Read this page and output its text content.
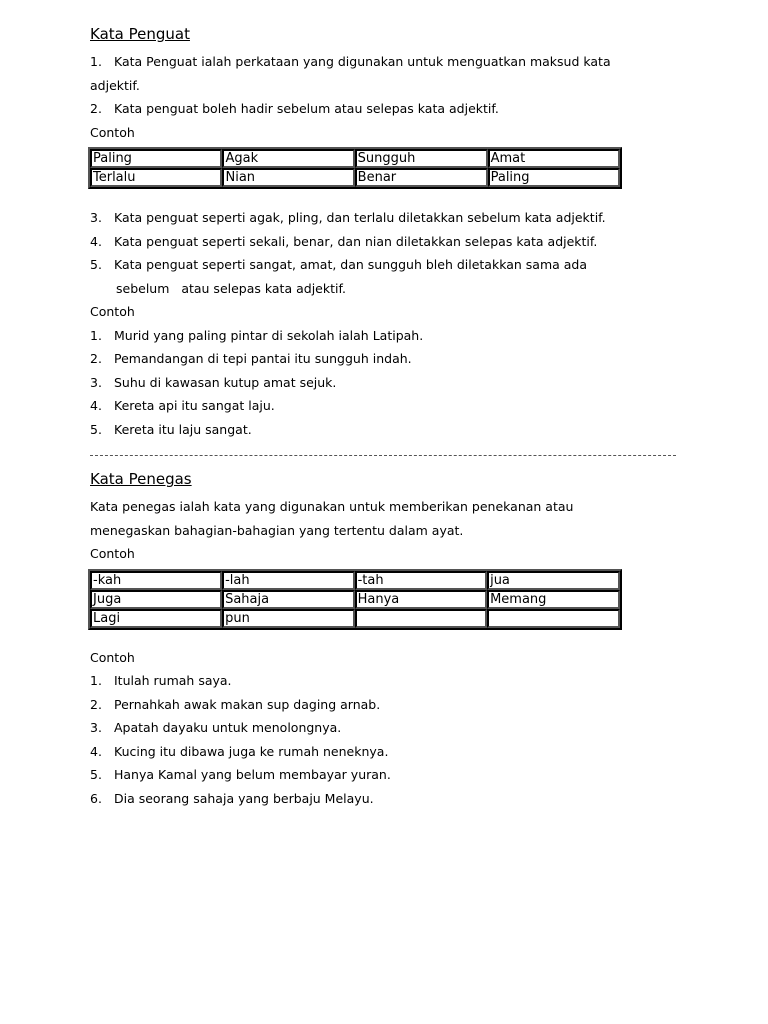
Kata Penguat

1. Kata Penguat ialah perkataan yang digunakan untuk menguatkan maksud kata

adjektif.

2. Kata penguat boleh hadir sebelum atau selepas kata adjektif.

Contoh

Paling	Agak	Sungguh	Amat
Terlalu	Nian	Benar	Paling

3. Kata penguat seperti agak, pling, dan terlalu diletakkan sebelum kata adjektif.

4. Kata penguat seperti sekali, benar, dan nian diletakkan selepas kata adjektif.

5. Kata penguat seperti sangat, amat, dan sungguh bleh diletakkan sama ada

sebelum   atau selepas kata adjektif.

Contoh

1. Murid yang paling pintar di sekolah ialah Latipah.

2. Pemandangan di tepi pantai itu sungguh indah.

3. Suhu di kawasan kutup amat sejuk.

4. Kereta api itu sangat laju.

5. Kereta itu laju sangat.

Kata Penegas

Kata penegas ialah kata yang digunakan untuk memberikan penekanan atau

menegaskan bahagian-bahagian yang tertentu dalam ayat.

Contoh

-kah	-lah	-tah	jua
Juga	Sahaja	Hanya	Memang
Lagi	pun		

Contoh

1. Itulah rumah saya.

2. Pernahkah awak makan sup daging arnab.

3. Apatah dayaku untuk menolongnya.

4. Kucing itu dibawa juga ke rumah neneknya.

5. Hanya Kamal yang belum membayar yuran.

6. Dia seorang sahaja yang berbaju Melayu.
